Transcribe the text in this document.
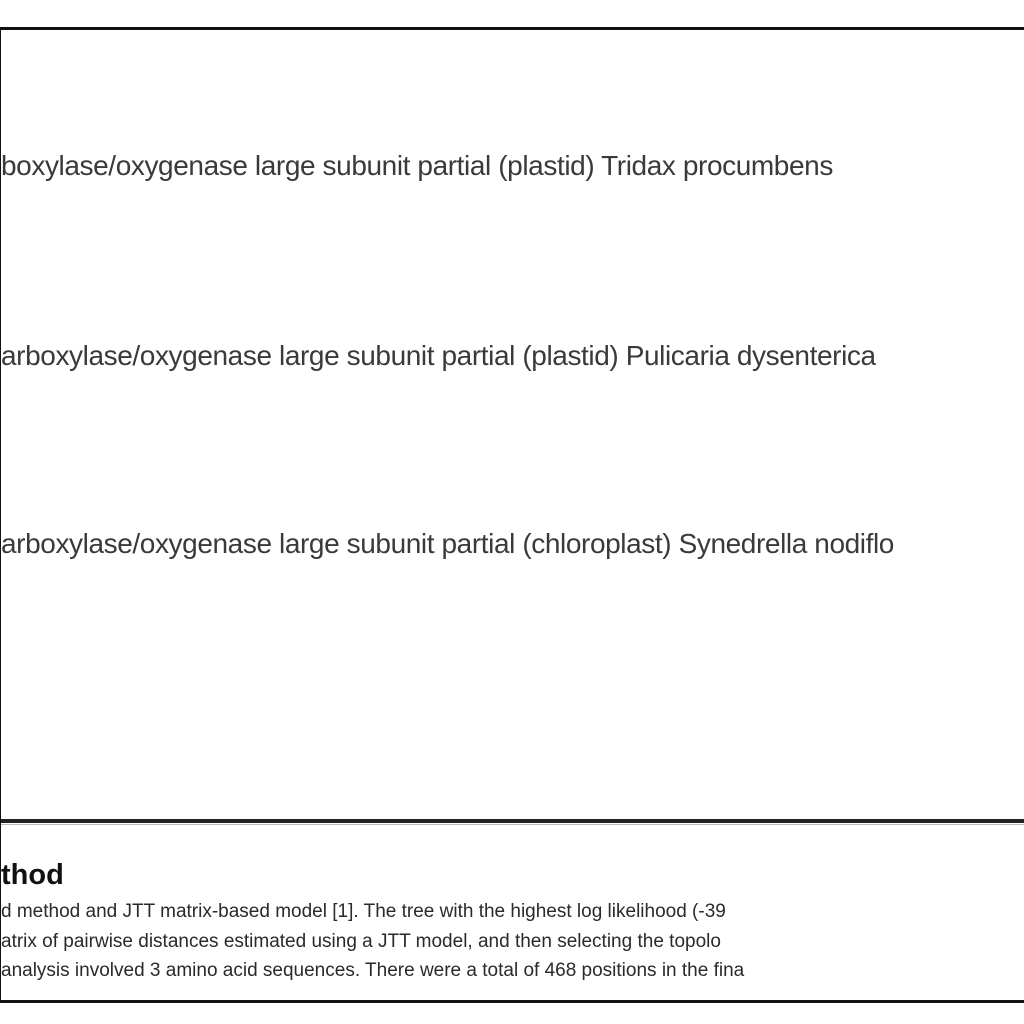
boxylase/oxygenase large subunit partial (plastid) Tridax procumbens
arboxylase/oxygenase large subunit partial (plastid) Pulicaria dysenterica
arboxylase/oxygenase large subunit partial (chloroplast) Synedrella nodiflo
thod
d method and JTT matrix-based model [1]. The tree with the highest log likelihood (-39
atrix of pairwise distances estimated using a JTT model, and then selecting the topolo
analysis involved 3 amino acid sequences. There were a total of 468 positions in the fina
